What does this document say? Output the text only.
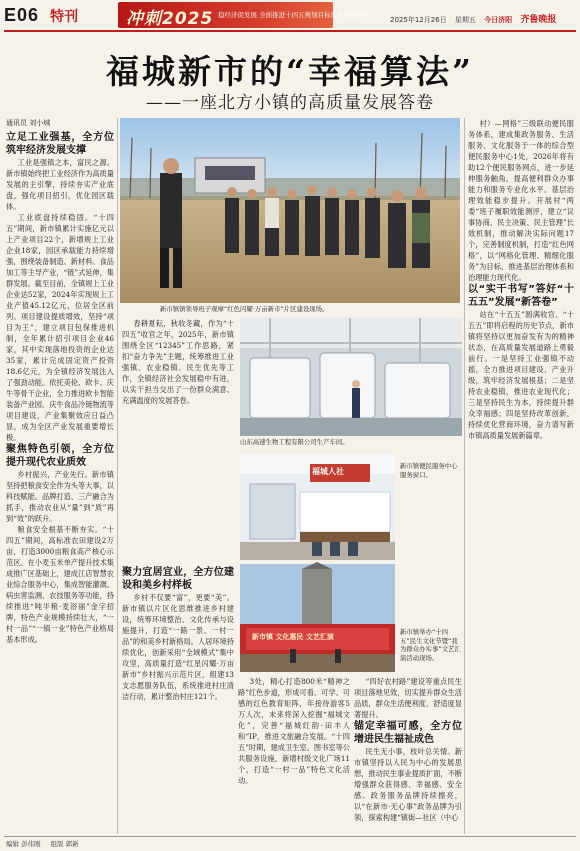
E06 特刊	冲刺2025 稳经济促发展 全面推进十四五规划目标任务圆满收官
2025年12月26日 星期五 今日济阳 齐鲁晚报
福城新市的“幸福算法”
——一座北方小镇的高质量发展答卷

通讯员 刘小城

立足工业强基，全方位筑牢经济发展支撑

工业是强镇之本，富民之源。新市镇始终把工业经济作为高质量发展的主引擎，持续夯实产业底盘，强化项目招引，优化园区载体。

工业底盘持续稳固。“十四五”期间，新市镇累计实施亿元以上产业项目22个，新增规上工业企业18家，园区承载能力持续增强，围绕装备制造、新材料、食品加工等主导产业，“链”式延伸，集群发展。截至目前，全镇规上工业企业达52家，2024年实现规上工业产值45.12亿元，位居全区前列。项目建设提质增效，坚持“项目为王”，建立项目包保推进机制，全年累计招引项目企业46家，其中实现落地投资的企业达35家，累计完成固定资产投资18.6亿元，为全镇经济发展注入了强劲动能。依托美伦、欧卡、庆牛等骨干企业，全力推进欧卡智能装备产业园、庆牛食品冷链物流等项目建设，产业集聚效应日益凸显，成为全区产业发展重要增长极。

聚焦特色引领，全方位提升现代农业质效

乡村振兴，产业先行。新市镇坚持把粮食安全作为头等大事，以科技赋能、品牌打造、三产融合为抓手，推动农业从“量”到“质”再到“效”的跃升。

粮食安全根基不断夯实。“十四五”期间，高标准农田建设2万亩，打造3000亩粮食高产核心示范区。在小麦玉米单产提升技术集成推广区基础上，建成江店智慧农业综合服务中心，集成智能灌溉、病虫害监测、农技服务等功能，持续推进“吨半粮·麦浴丽”金字招牌，特色产业规模持续壮大，“一村一品”“一镇一业”特色产业格局基本形成。

新市镇镇领导班子观摩“红色闪耀·万亩新市”片区建设现场。

村）—网格”三级联动便民服务体系，建成集政务服务、生活服务、文化服务于一体的综合型便民服务中心1处，2026年将有助12个便民服务网点，进一步延伸服务触角，提高便利群众办事能力和服务专业化水平。基层治理效能稳步提升。开展村“两委”班子履职效能测评，建立“议事协商、民主决策、民主管理”长效机制，推动解决实际问题17个，完善制度机制，打造“红色网格”，以“网格化管理、精细化服务”为目标，推进基层治理体系和治理能力现代化。

以“实干书写”答好“十五五”发展“新答卷”

站在“十五五”圆满收官、“十五五”即将启程的历史节点，新市镇将坚持以更加奋发有为的精神状态，在高质量发展道路上勇毅前行。一是坚持工业强镇不动摇，全力推进项目建设、产业升级，筑牢经济发展根基；二是坚持农业稳镇，推进农业现代化；三是坚持民生为本，持续提升群众幸福感；四是坚持改革创新，持续优化营商环境，奋力谱写新市镇高质量发展新篇章。

春耕夏耘，秋收冬藏，作为“十四五”收官之年，2025年，新市镇围绕全区“12345”工作思路，紧扣“奋力争先”主题，统筹推进工业强镇、农业稳镇、民生优先等工作，全镇经济社会发展稳中有进，以实干担当交出了一份群众满意、充满温度的发展答卷。

山东高速生物工程有限公司生产车间。
福城人社
新市镇便民服务中心服务窗口。
新市镇 文化惠民 文艺汇演
新市镇举办“十四五”民生文化节暨“我为群众办实事”文艺汇演活动现场。

聚力宜居宜业，全方位建设和美乡村样板

乡村不仅要“富”，更要“美”。新市镇以片区化思维推进乡村建设，统筹环境整治、文化传承与设施提升，打造“一路一景、一村一品”的和美乡村新格局。人居环境持续优化，创新采用“全域模式”集中攻坚，高质量打造“红星闪耀·万亩新市”乡村振兴示范片区，组建13支志愿服务队伍，系统推进村庄清洁行动，累计整治村庄121个。

3处，精心打造800米“精神之路”红色步道，形成可看、可学、可感的红色教育矩阵，年接待游客5万人次，未来将深入挖掘“福城文化”，完善“福城红韵·田丰人和”IP，推进文旅融合发展。“十四五”时期，建成卫生室、图书室等公共服务设施，新增村级文化广场11个，打造“一村一品”特色文化活动。

“四好农村路”建设等重点民生项目落地见效，切实提升群众生活品质，群众生活便利度、舒适度显著提升。

锚定幸福可感，全方位增进民生福祉成色

民生无小事，枝叶总关情。新市镇坚持以人民为中心的发展思想，推动民生事业提质扩面，不断增强群众获得感、幸福感、安全感。政务服务品牌持续擦亮，以“在新市·无心事”政务品牌为引领，探索构建“镇街—社区（中心

编辑 彭伟刚 组版 郭新
